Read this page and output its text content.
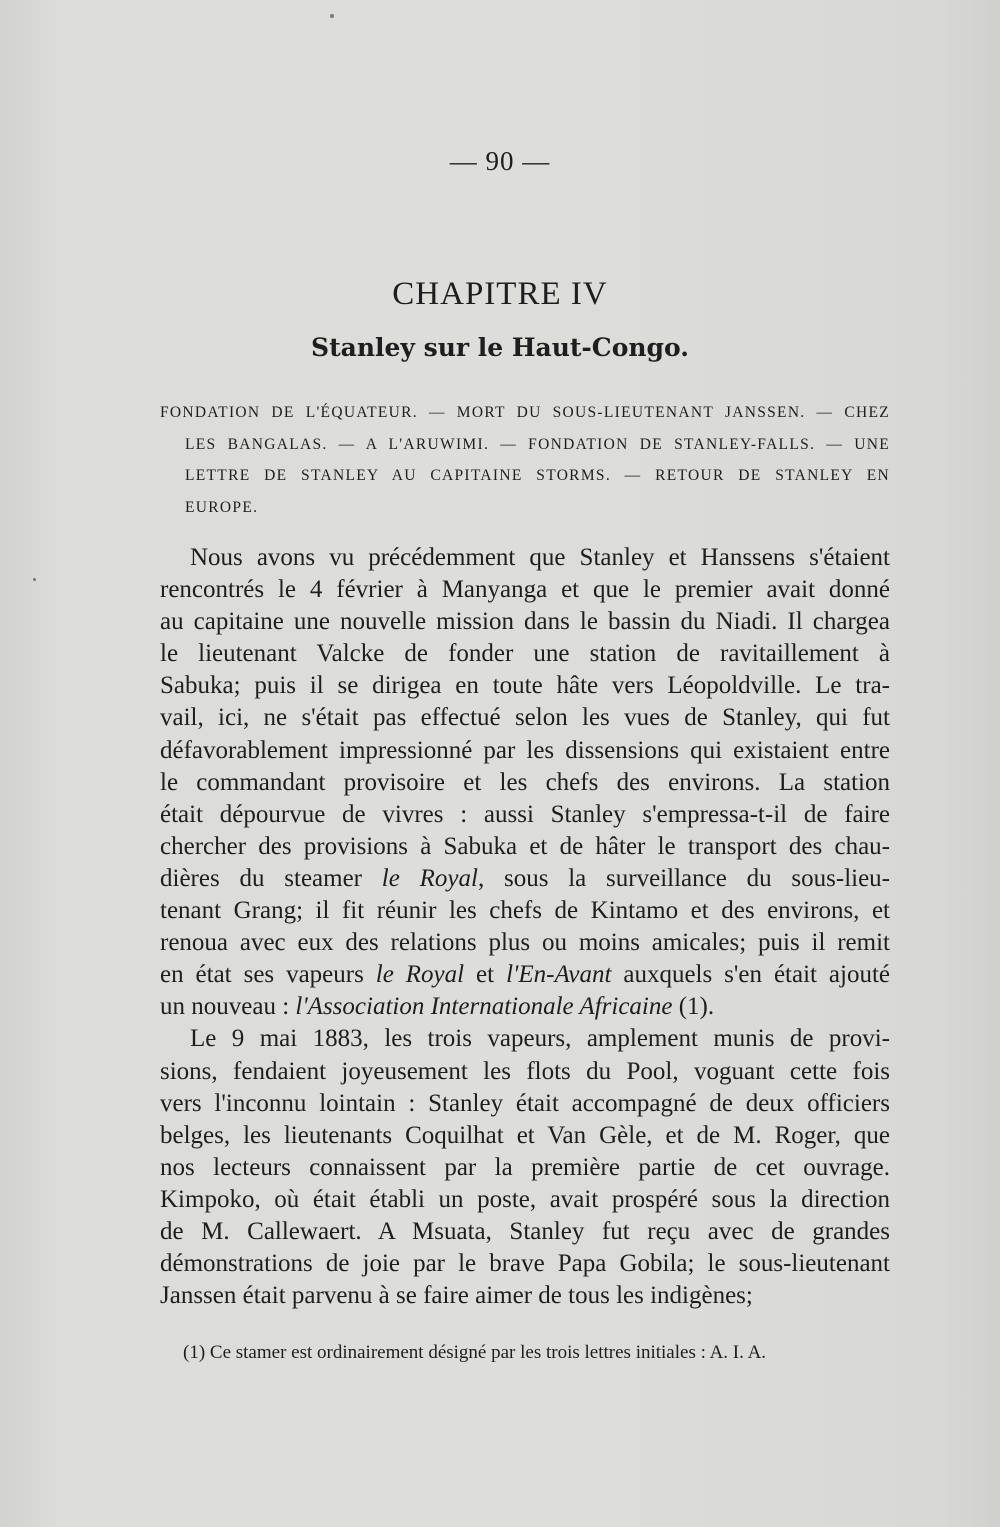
— 90 —
CHAPITRE IV
Stanley sur le Haut-Congo.
FONDATION DE L'ÉQUATEUR. — MORT DU SOUS-LIEUTENANT JANSSEN. — CHEZ
LES BANGALAS. — A L'ARUWIMI. — FONDATION DE STANLEY-FALLS. — UNE
LETTRE DE STANLEY AU CAPITAINE STORMS. — RETOUR DE STANLEY EN
EUROPE.
Nous avons vu précédemment que Stanley et Hanssens s'étaient
rencontrés le 4 février à Manyanga et que le premier avait donné
au capitaine une nouvelle mission dans le bassin du Niadi. Il chargea
le lieutenant Valcke de fonder une station de ravitaillement à
Sabuka; puis il se dirigea en toute hâte vers Léopoldville. Le tra-
vail, ici, ne s'était pas effectué selon les vues de Stanley, qui fut
défavorablement impressionné par les dissensions qui existaient entre
le commandant provisoire et les chefs des environs. La station
était dépourvue de vivres : aussi Stanley s'empressa-t-il de faire
chercher des provisions à Sabuka et de hâter le transport des chau-
dières du steamer le Royal, sous la surveillance du sous-lieu-
tenant Grang; il fit réunir les chefs de Kintamo et des environs, et
renoua avec eux des relations plus ou moins amicales; puis il remit
en état ses vapeurs le Royal et l'En-Avant auxquels s'en était ajouté
un nouveau : l'Association Internationale Africaine (1).
Le 9 mai 1883, les trois vapeurs, amplement munis de provi-
sions, fendaient joyeusement les flots du Pool, voguant cette fois
vers l'inconnu lointain : Stanley était accompagné de deux officiers
belges, les lieutenants Coquilhat et Van Gèle, et de M. Roger, que
nos lecteurs connaissent par la première partie de cet ouvrage.
Kimpoko, où était établi un poste, avait prospéré sous la direction
de M. Callewaert. A Msuata, Stanley fut reçu avec de grandes
démonstrations de joie par le brave Papa Gobila; le sous-lieutenant
Janssen était parvenu à se faire aimer de tous les indigènes;
(1) Ce stamer est ordinairement désigné par les trois lettres initiales : A. I. A.
